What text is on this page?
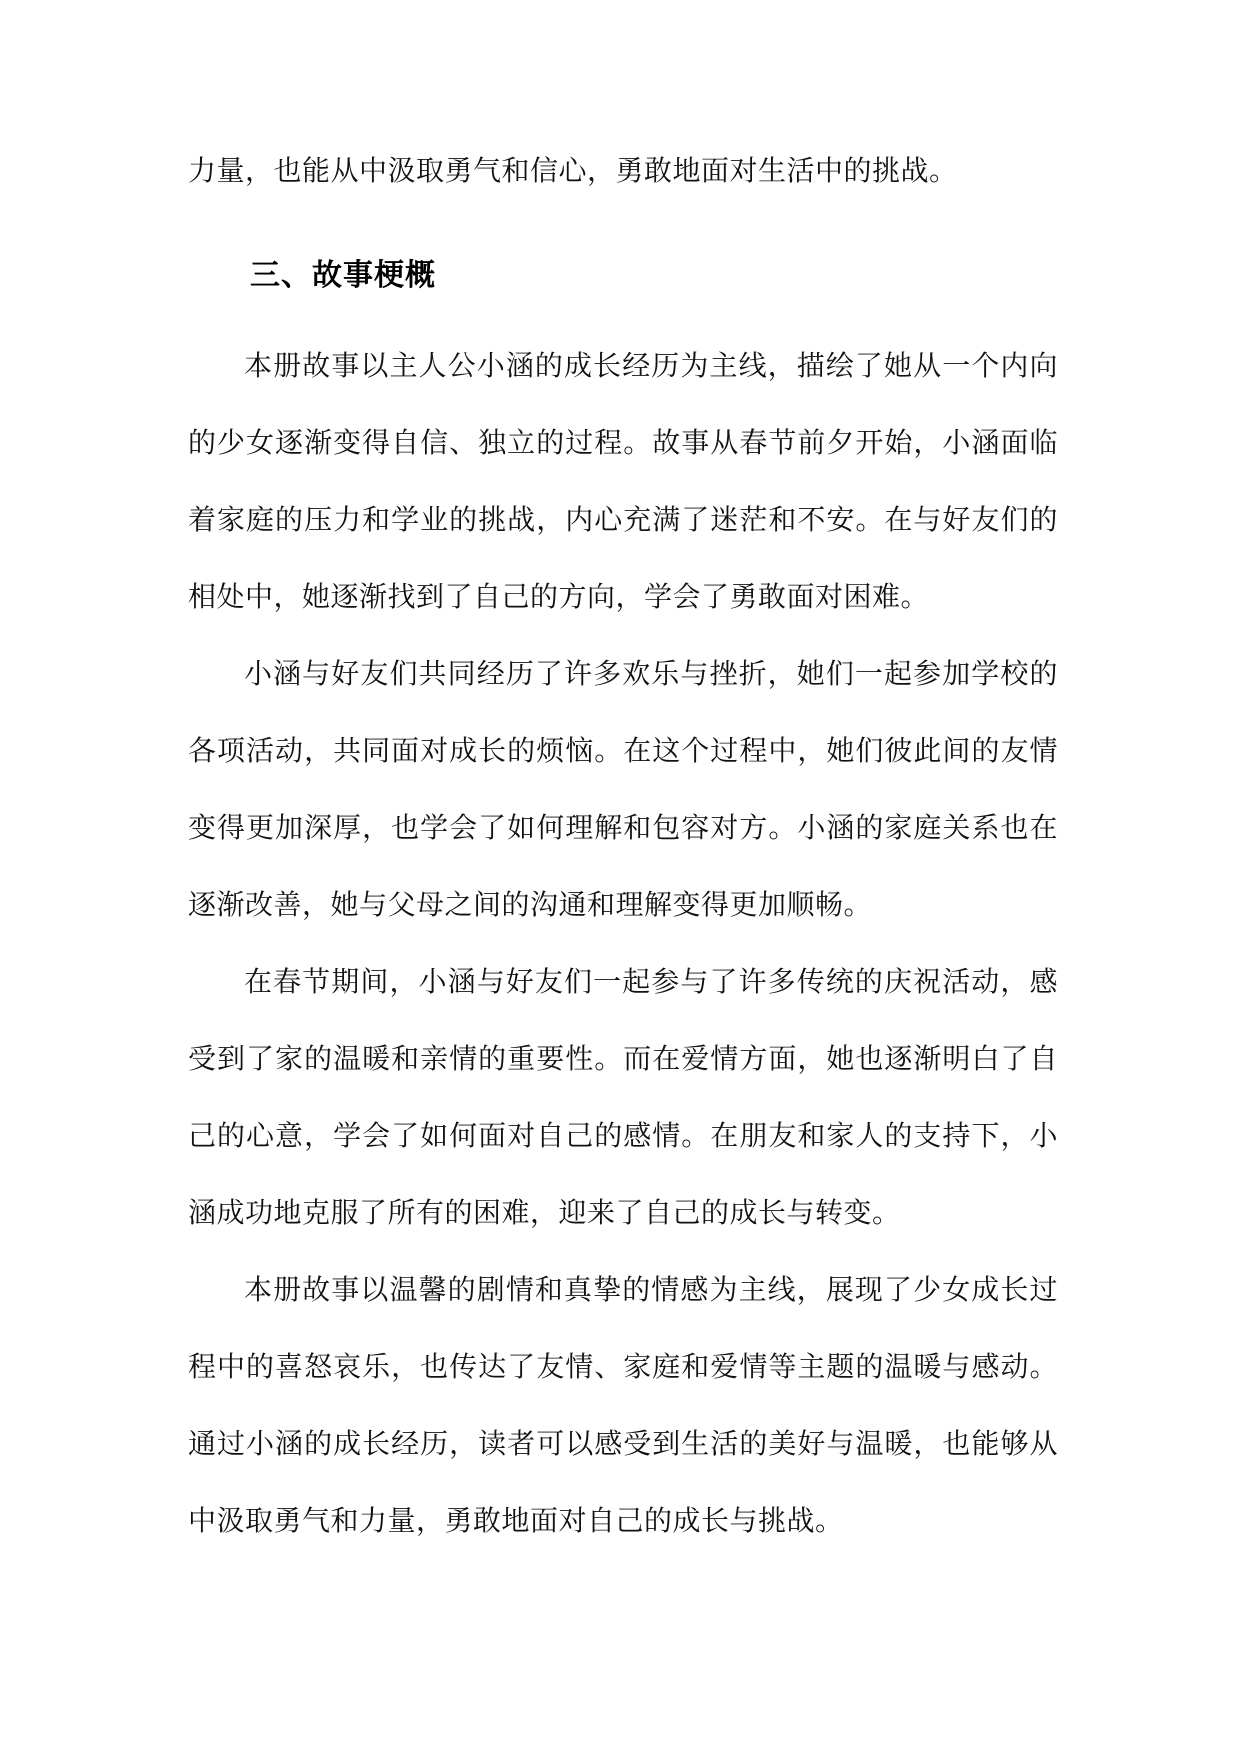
力量，也能从中汲取勇气和信心，勇敢地面对生活中的挑战。

三、故事梗概

本册故事以主人公小涵的成长经历为主线，描绘了她从一个内向的少女逐渐变得自信、独立的过程。故事从春节前夕开始，小涵面临着家庭的压力和学业的挑战，内心充满了迷茫和不安。在与好友们的相处中，她逐渐找到了自己的方向，学会了勇敢面对困难。

小涵与好友们共同经历了许多欢乐与挫折，她们一起参加学校的各项活动，共同面对成长的烦恼。在这个过程中，她们彼此间的友情变得更加深厚，也学会了如何理解和包容对方。小涵的家庭关系也在逐渐改善，她与父母之间的沟通和理解变得更加顺畅。

在春节期间，小涵与好友们一起参与了许多传统的庆祝活动，感受到了家的温暖和亲情的重要性。而在爱情方面，她也逐渐明白了自己的心意，学会了如何面对自己的感情。在朋友和家人的支持下，小涵成功地克服了所有的困难，迎来了自己的成长与转变。

本册故事以温馨的剧情和真挚的情感为主线，展现了少女成长过程中的喜怒哀乐，也传达了友情、家庭和爱情等主题的温暖与感动。通过小涵的成长经历，读者可以感受到生活的美好与温暖，也能够从中汲取勇气和力量，勇敢地面对自己的成长与挑战。
